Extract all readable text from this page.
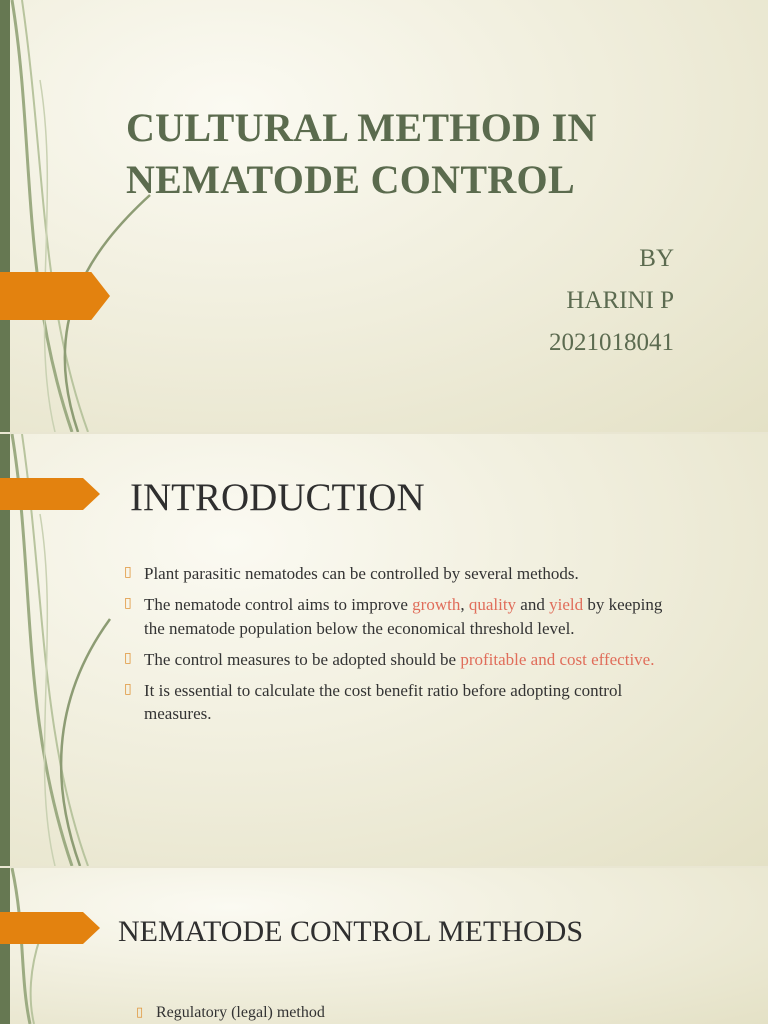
CULTURAL METHOD IN
NEMATODE CONTROL
BY
HARINI P
2021018041
INTRODUCTION
▯ Plant parasitic nematodes can be controlled by several methods.
▯ The nematode control aims to improve growth, quality and yield by keeping the nematode population below the economical threshold level.
▯ The control measures to be adopted should be profitable and cost effective.
▯ It is essential to calculate the cost benefit ratio before adopting control measures.
NEMATODE CONTROL METHODS
▯ Regulatory (legal) method
